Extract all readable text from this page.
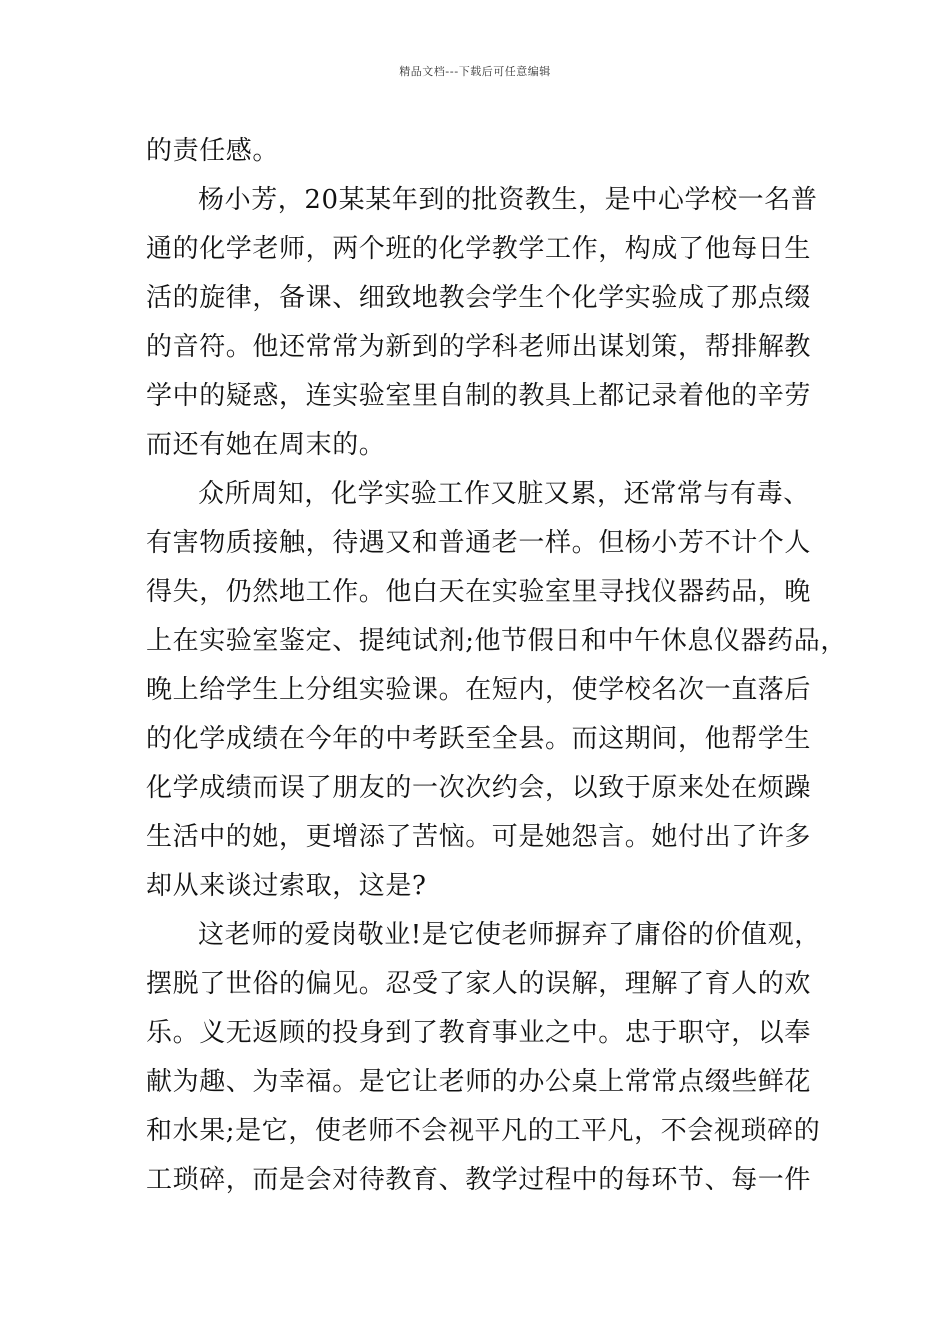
精品文档---下载后可任意编辑
的责任感。
杨小芳，20某某年到的批资教生，是中心学校一名普
通的化学老师，两个班的化学教学工作，构成了他每日生
活的旋律，备课、细致地教会学生个化学实验成了那点缀
的音符。他还常常为新到的学科老师出谋划策，帮排解教
学中的疑惑，连实验室里自制的教具上都记录着他的辛劳
而还有她在周末的。
众所周知，化学实验工作又脏又累，还常常与有毒、
有害物质接触，待遇又和普通老一样。但杨小芳不计个人
得失，仍然地工作。他白天在实验室里寻找仪器药品，晚
上在实验室鉴定、提纯试剂;他节假日和中午休息仪器药品，
晚上给学生上分组实验课。在短内，使学校名次一直落后
的化学成绩在今年的中考跃至全县。而这期间，他帮学生
化学成绩而误了朋友的一次次约会，以致于原来处在烦躁
生活中的她，更增添了苦恼。可是她怨言。她付出了许多
却从来谈过索取，这是?
这老师的爱岗敬业!是它使老师摒弃了庸俗的价值观，
摆脱了世俗的偏见。忍受了家人的误解，理解了育人的欢
乐。义无返顾的投身到了教育事业之中。忠于职守，以奉
献为趣、为幸福。是它让老师的办公桌上常常点缀些鲜花
和水果;是它，使老师不会视平凡的工平凡，不会视琐碎的
工琐碎，而是会对待教育、教学过程中的每环节、每一件
